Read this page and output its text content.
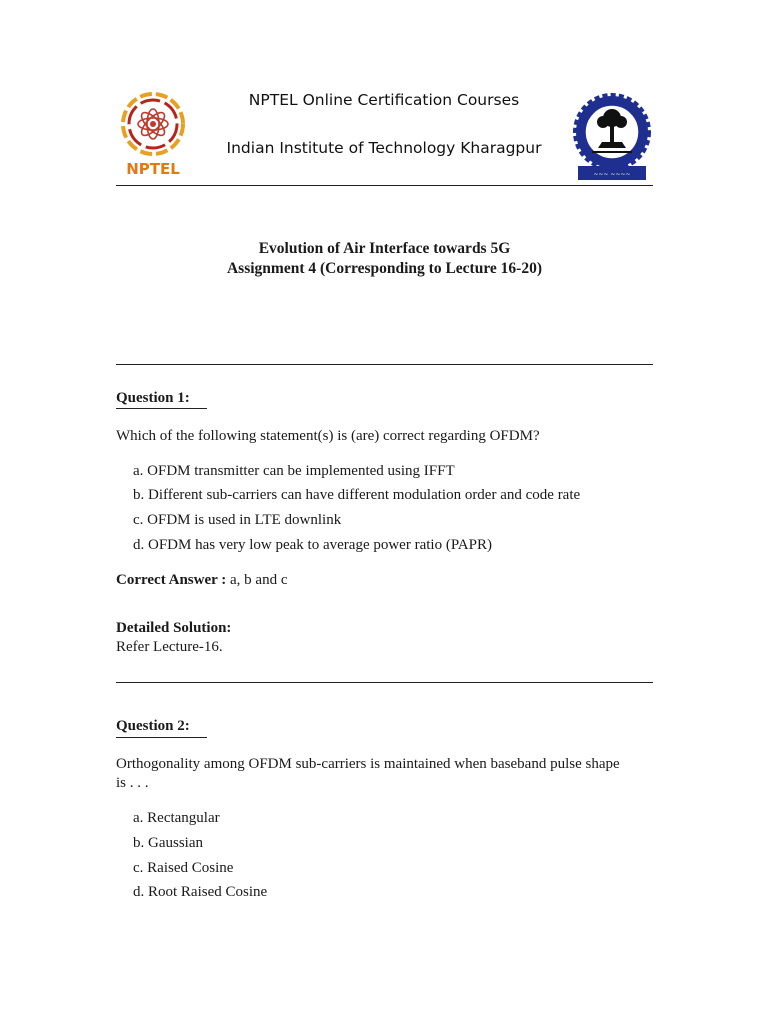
NPTEL
NPTEL Online Certification Courses
Indian Institute of Technology Kharagpur
~~~ ~~~~
Evolution of Air Interface towards 5G
Assignment 4 (Corresponding to Lecture 16-20)
Question 1:
Which of the following statement(s) is (are) correct regarding OFDM?
a. OFDM transmitter can be implemented using IFFT
b. Different sub-carriers can have different modulation order and code rate
c. OFDM is used in LTE downlink
d. OFDM has very low peak to average power ratio (PAPR)
Correct Answer : a, b and c
Detailed Solution:
Refer Lecture-16.
Question 2:
Orthogonality among OFDM sub-carriers is maintained when baseband pulse shape
is . . .
a. Rectangular
b. Gaussian
c. Raised Cosine
d. Root Raised Cosine
